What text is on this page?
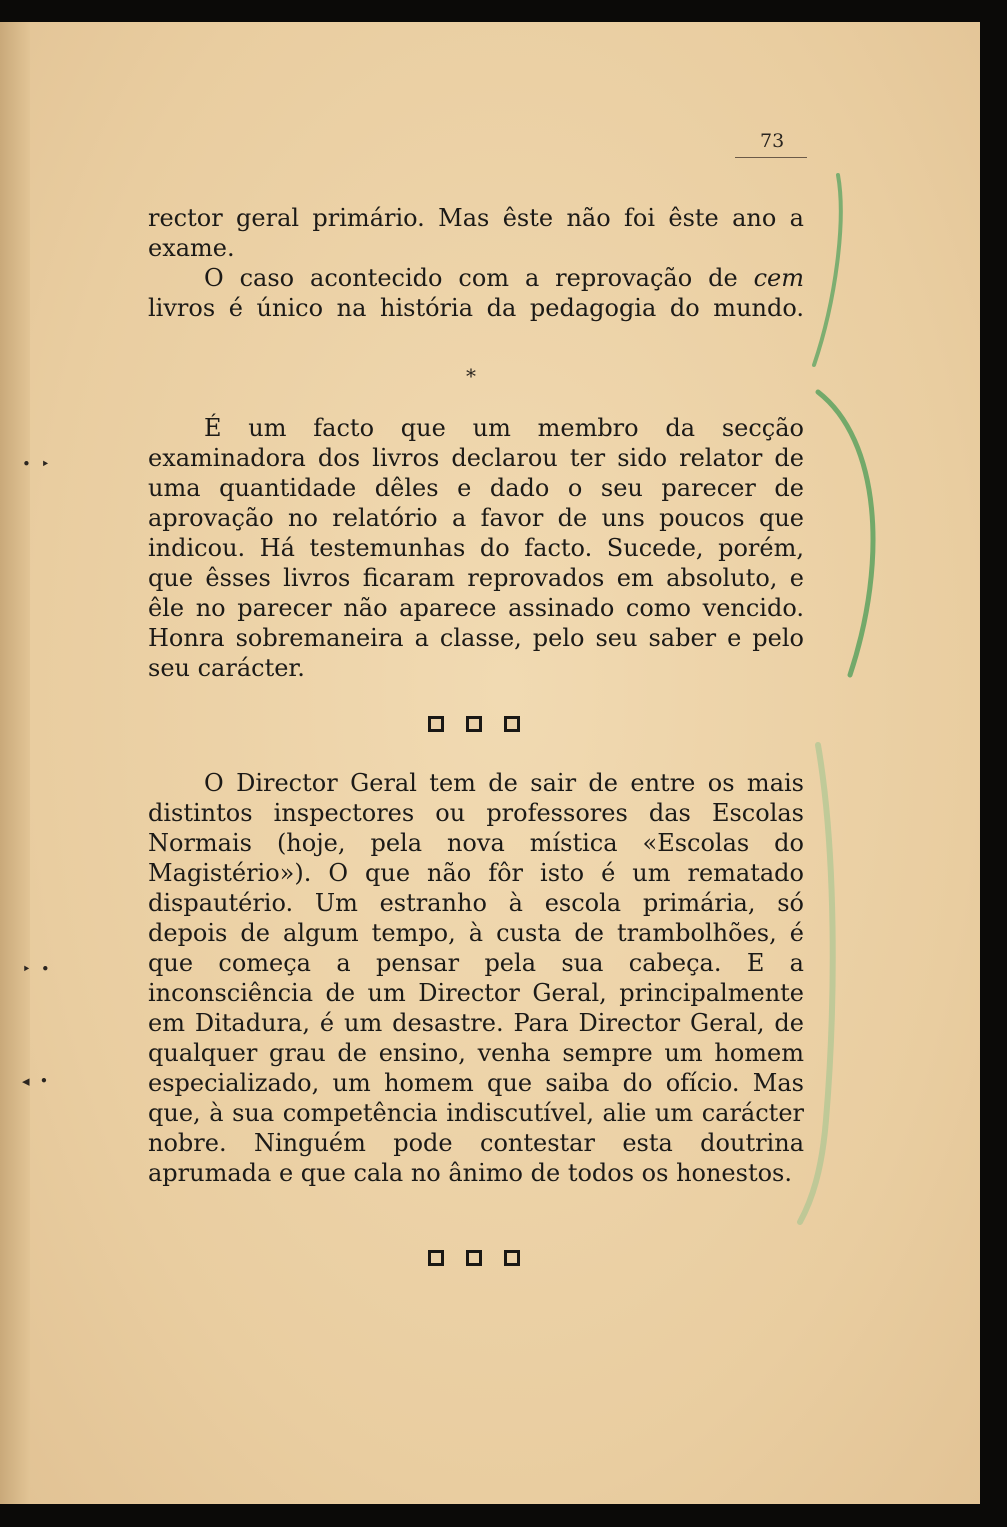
73

rector geral primário. Mas êste não foi êste ano a

exame.

O caso acontecido com a reprovação de cem

livros é único na história da pedagogia do mundo.

*

É um facto que um membro da secção examinadora dos livros declarou ter sido relator de uma quantidade dêles e dado o seu parecer de aprovação no relatório a favor de uns poucos que indicou. Há testemunhas do facto. Sucede, porém, que êsses livros ficaram reprovados em absoluto, e êle no parecer não aparece assinado como vencido. Honra sobremaneira a classe, pelo seu saber e pelo seu carácter.

O Director Geral tem de sair de entre os mais distintos inspectores ou professores das Escolas Normais (hoje, pela nova mística «Escolas do Magistério»). O que não fôr isto é um rematado dispautério. Um estranho à escola primária, só depois de algum tempo, à custa de trambolhões, é que começa a pensar pela sua cabeça. E a inconsciência de um Director Geral, principalmente em Ditadura, é um desastre. Para Director Geral, de qualquer grau de ensino, venha sempre um homem especializado, um homem que saiba do ofício. Mas que, à sua competência indiscutível, alie um carácter nobre. Ninguém pode contestar esta doutrina aprumada e que cala no ânimo de todos os honestos.

•‣
‣•
◂•
